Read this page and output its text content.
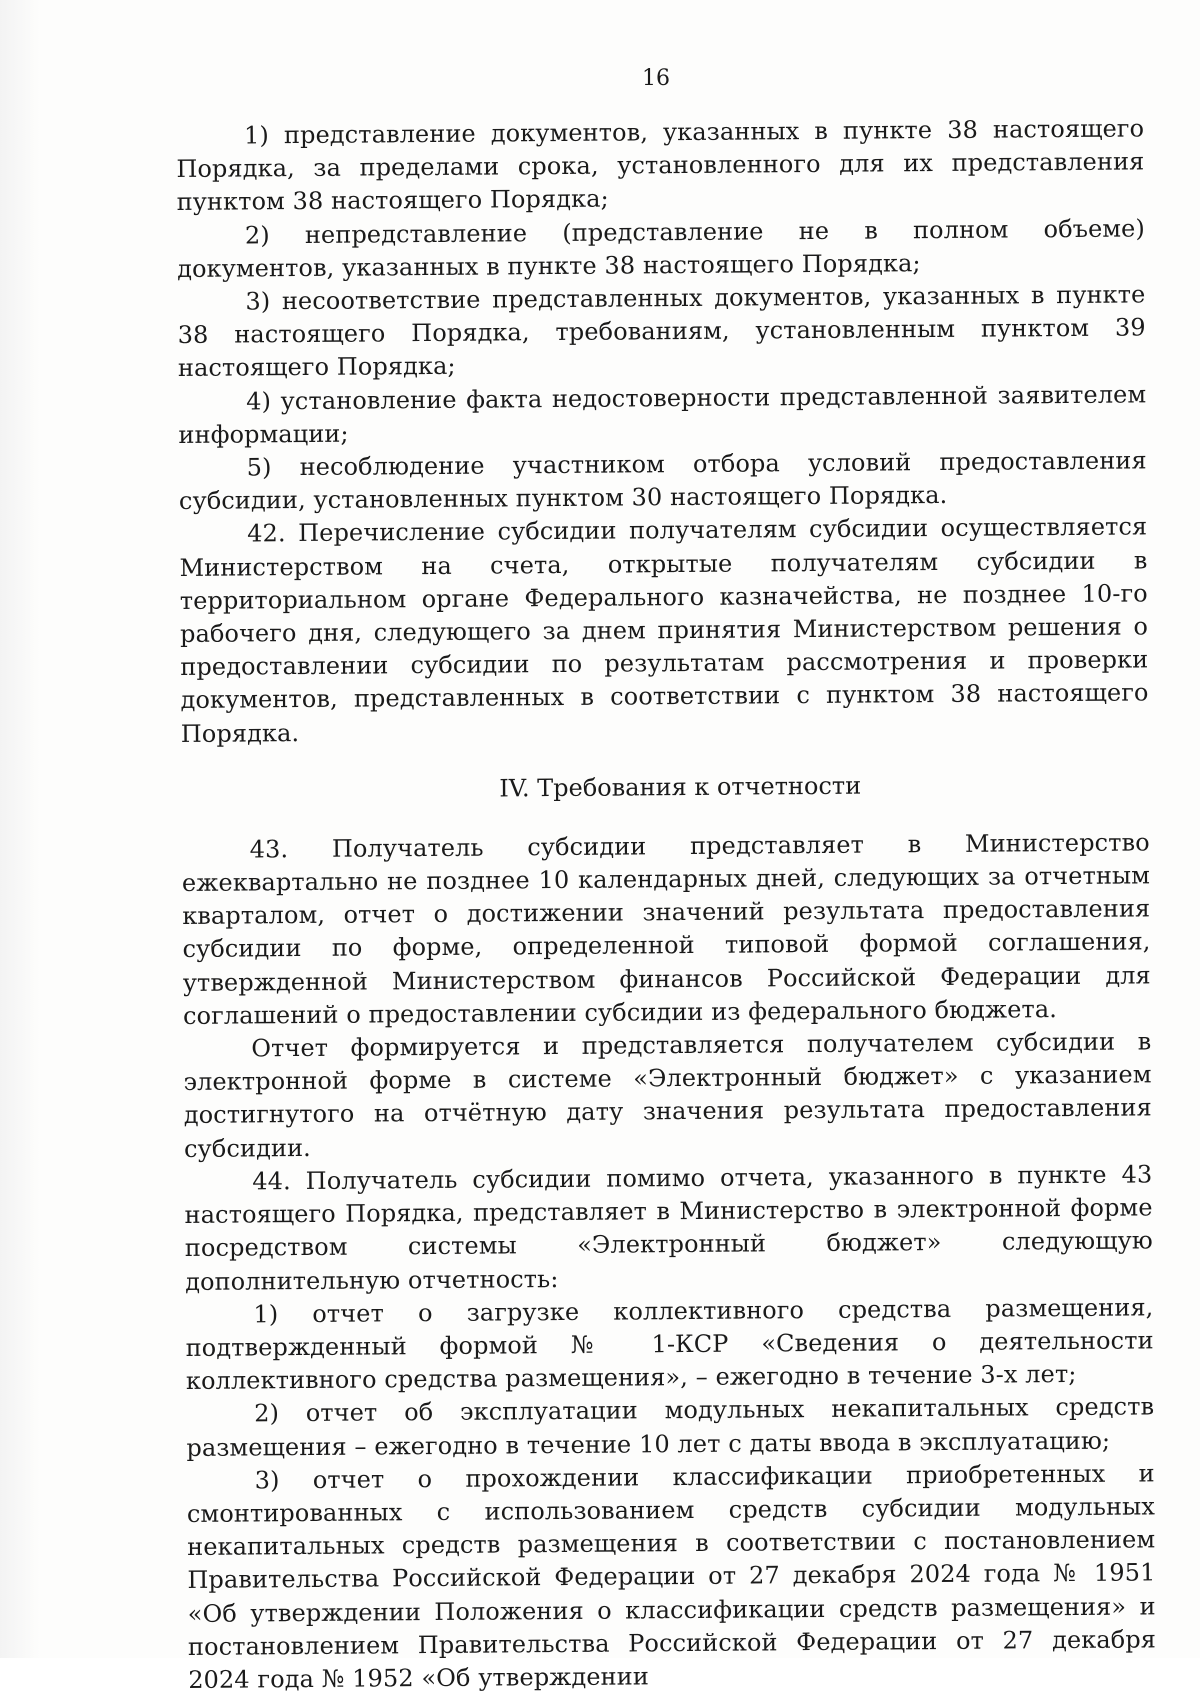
16

1) представление документов, указанных в пункте 38 настоящего Порядка, за пределами срока, установленного для их представления пунктом 38 настоящего Порядка;

2) непредставление (представление не в полном объеме) документов, указанных в пункте 38 настоящего Порядка;

3) несоответствие представленных документов, указанных в пункте 38 настоящего Порядка, требованиям, установленным пунктом 39 настоящего Порядка;

4) установление факта недостоверности представленной заявителем информации;

5) несоблюдение участником отбора условий предоставления субсидии, установленных пунктом 30 настоящего Порядка.

42. Перечисление субсидии получателям субсидии осуществляется Министерством на счета, открытые получателям субсидии в территориальном органе Федерального казначейства, не позднее 10-го рабочего дня, следующего за днем принятия Министерством решения о предоставлении субсидии по результатам рассмотрения и проверки документов, представленных в соответствии с пунктом 38 настоящего Порядка.

IV. Требования к отчетности

43. Получатель субсидии представляет в Министерство ежеквартально не позднее 10 календарных дней, следующих за отчетным кварталом, отчет о достижении значений результата предоставления субсидии по форме, определенной типовой формой соглашения, утвержденной Министерством финансов Российской Федерации для соглашений о предоставлении субсидии из федерального бюджета.

Отчет формируется и представляется получателем субсидии в электронной форме в системе «Электронный бюджет» с указанием достигнутого на отчётную дату значения результата предоставления субсидии.

44. Получатель субсидии помимо отчета, указанного в пункте 43 настоящего Порядка, представляет в Министерство в электронной форме посредством системы «Электронный бюджет» следующую дополнительную отчетность:

1) отчет о загрузке коллективного средства размещения, подтвержденный формой № 1-КСР «Сведения о деятельности коллективного средства размещения», – ежегодно в течение 3-х лет;

2) отчет об эксплуатации модульных некапитальных средств размещения – ежегодно в течение 10 лет с даты ввода в эксплуатацию;

3) отчет о прохождении классификации приобретенных и смонтированных с использованием средств субсидии модульных некапитальных средств размещения в соответствии с постановлением Правительства Российской Федерации от 27 декабря 2024 года № 1951 «Об утверждении Положения о классификации средств размещения» и постановлением Правительства Российской Федерации от 27 декабря 2024 года № 1952 «Об утверждении
